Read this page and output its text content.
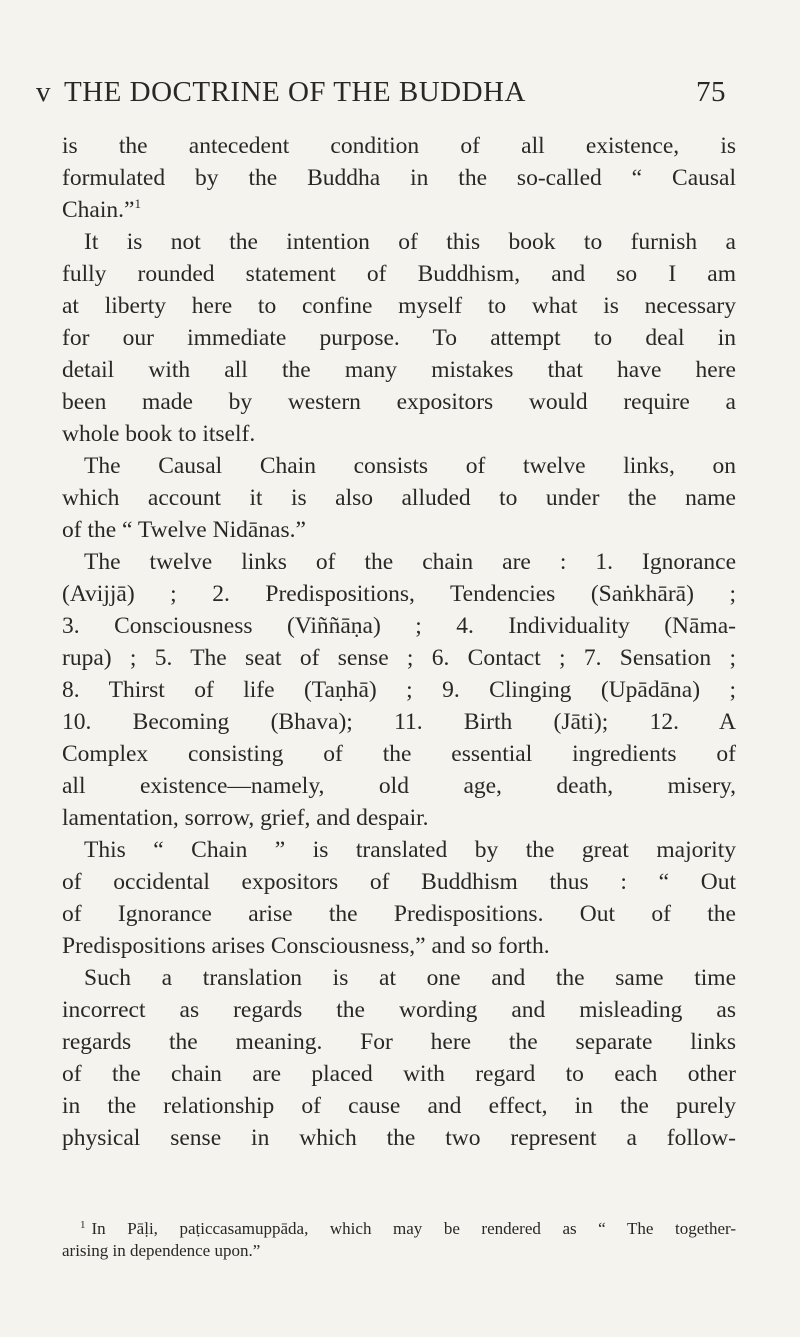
v THE DOCTRINE OF THE BUDDHA	75
is the antecedent condition of all existence, is
formulated by the Buddha in the so-called “ Causal
Chain.”$^1$
It is not the intention of this book to furnish a
fully rounded statement of Buddhism, and so I am
at liberty here to confine myself to what is necessary
for our immediate purpose. To attempt to deal in
detail with all the many mistakes that have here
been made by western expositors would require a
whole book to itself.
The Causal Chain consists of twelve links, on
which account it is also alluded to under the name
of the “ Twelve Nidānas.”
The twelve links of the chain are : 1. Ignorance
(Avijjā) ; 2. Predispositions, Tendencies (Saṅkhārā) ;
3. Consciousness (Viññāṇa) ; 4. Individuality (Nāma-
rupa) ; 5. The seat of sense ; 6. Contact ; 7. Sensation ;
8. Thirst of life (Taṇhā) ; 9. Clinging (Upādāna) ;
10. Becoming (Bhava); 11. Birth (Jāti); 12. A
Complex consisting of the essential ingredients of
all existence—namely, old age, death, misery,
lamentation, sorrow, grief, and despair.
This “ Chain ” is translated by the great majority
of occidental expositors of Buddhism thus : “ Out
of Ignorance arise the Predispositions. Out of the
Predispositions arises Consciousness,” and so forth.
Such a translation is at one and the same time
incorrect as regards the wording and misleading as
regards the meaning. For here the separate links
of the chain are placed with regard to each other
in the relationship of cause and effect, in the purely
physical sense in which the two represent a follow-
$^1$ In Pāḷi, paṭiccasamuppāda, which may be rendered as “ The together-
arising in dependence upon.”
